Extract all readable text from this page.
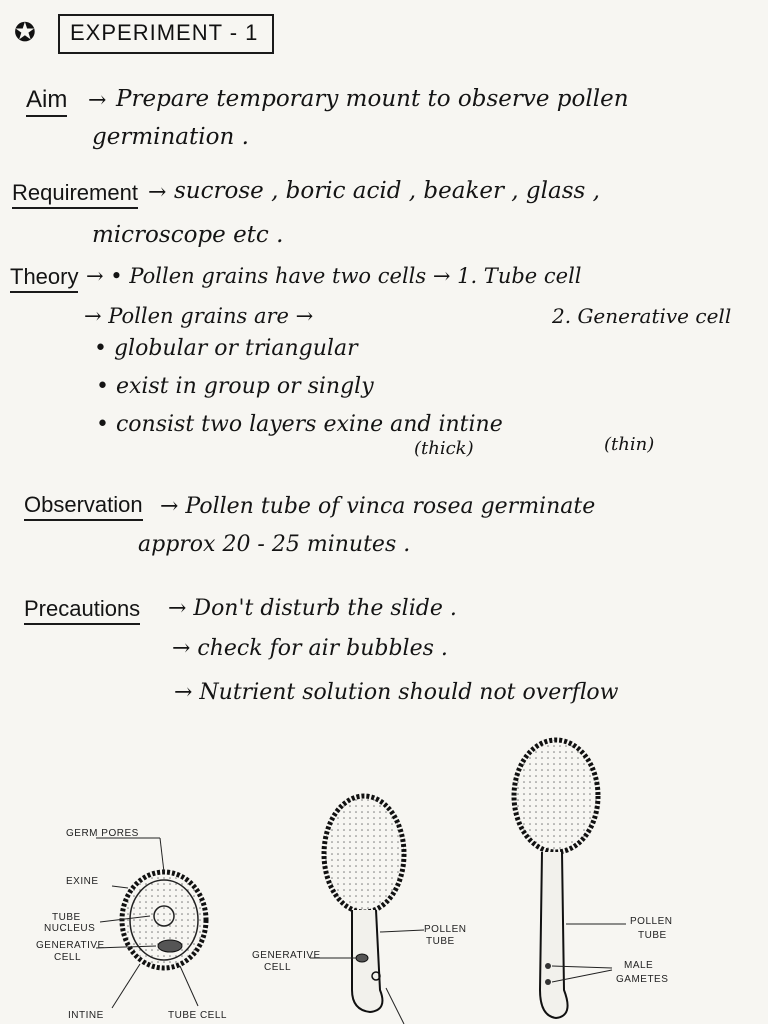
✪ EXPERIMENT - 1
Aim → Prepare temporary mount to observe pollen
germination .
Requirement → sucrose , boric acid , beaker , glass ,
microscope etc .
Theory → • Pollen grains have two cells → 1. Tube cell
→ Pollen grains are →	2. Generative cell
• globular or triangular
• exist in group or singly
• consist two layers exine and intine
(thick)	(thin)
Observation → Pollen tube of vinca rosea germinate
approx 20 - 25 minutes .
Precautions → Don't disturb the slide .
→ check for air bubbles .
→ Nutrient solution should not overflow
GERM PORES
EXINE
TUBE
NUCLEUS
GENERATIVE
CELL
INTINE	TUBE CELL
GENERATIVE
CELL
POLLEN
TUBE
POLLEN
TUBE
MALE
GAMETES
